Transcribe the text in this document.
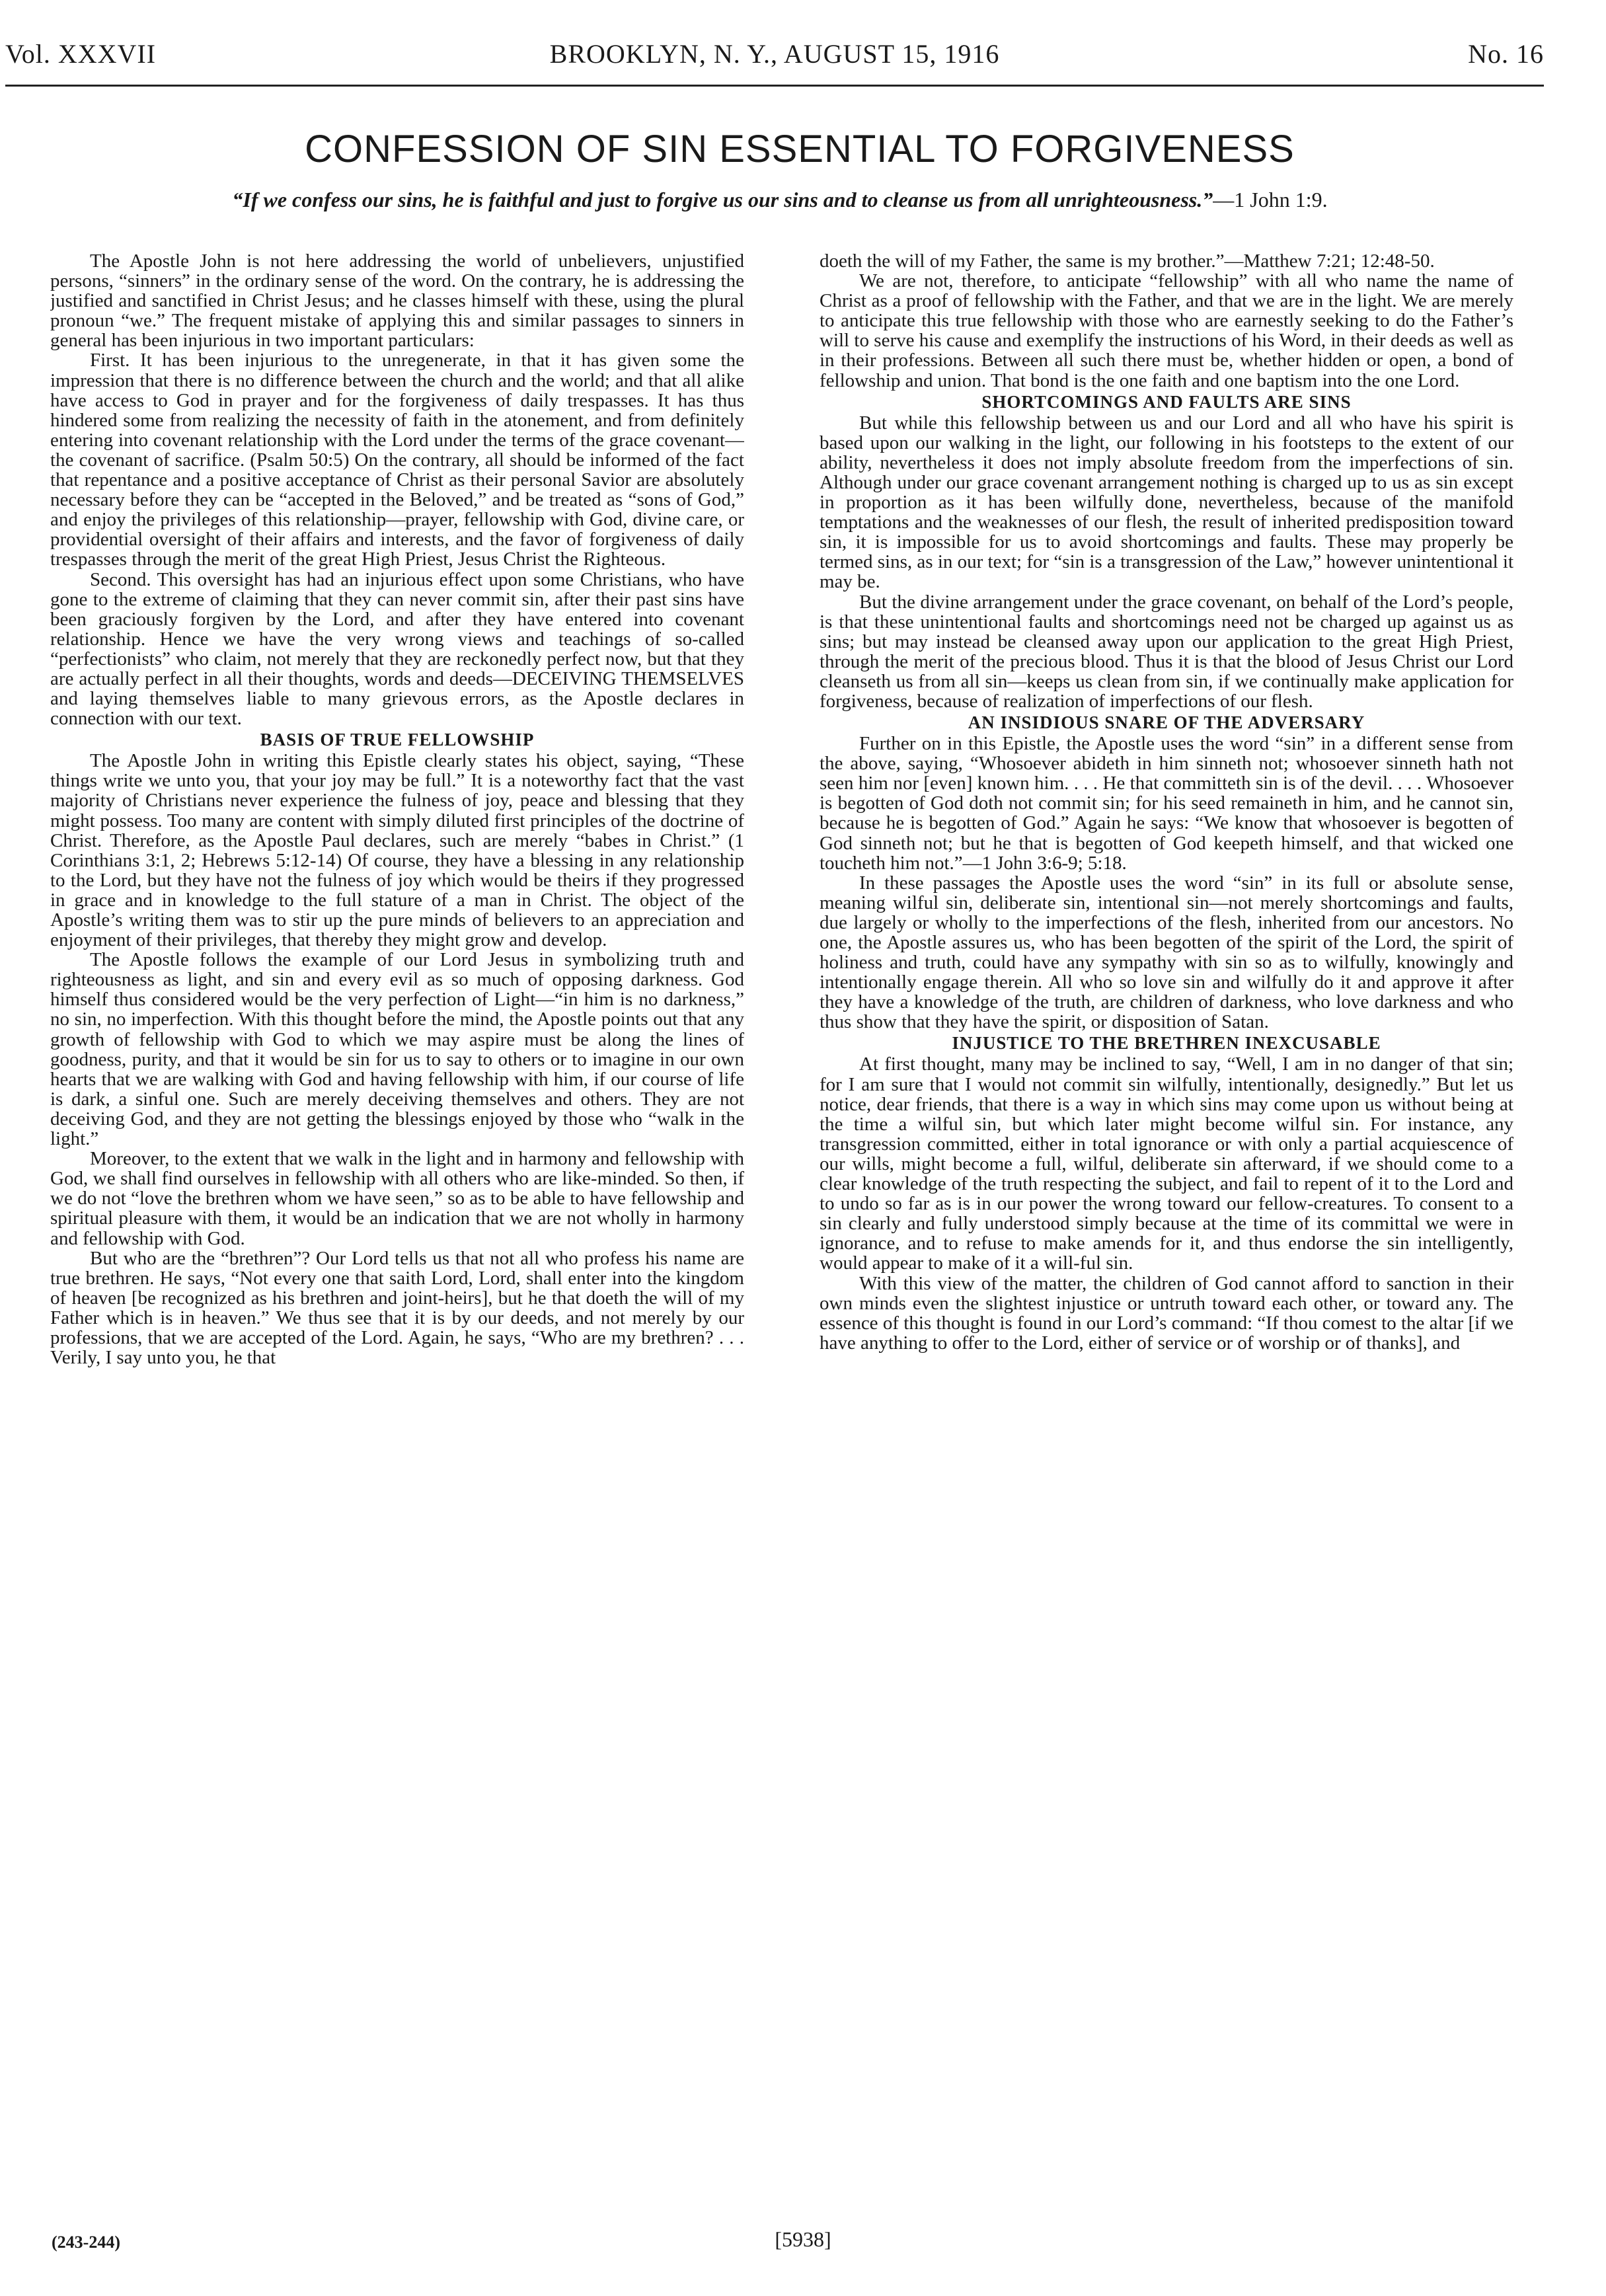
Vol. XXXVII	BROOKLYN, N. Y., AUGUST 15, 1916	No. 16
CONFESSION OF SIN ESSENTIAL TO FORGIVENESS
“If we confess our sins, he is faithful and just to forgive us our sins and to cleanse us from all unrighteousness.”—1 John 1:9.

The Apostle John is not here addressing the world of unbelievers, unjustified persons, “sinners” in the ordinary sense of the word. On the contrary, he is addressing the justified and sanctified in Christ Jesus; and he classes himself with these, using the plural pronoun “we.” The frequent mistake of applying this and similar passages to sinners in general has been injurious in two important particulars:

First. It has been injurious to the unregenerate, in that it has given some the impression that there is no difference between the church and the world; and that all alike have access to God in prayer and for the forgiveness of daily trespasses. It has thus hindered some from realizing the necessity of faith in the atonement, and from definitely entering into covenant relationship with the Lord under the terms of the grace covenant—the covenant of sacrifice. (Psalm 50:5) On the contrary, all should be informed of the fact that repentance and a positive acceptance of Christ as their personal Savior are absolutely necessary before they can be “accepted in the Beloved,” and be treated as “sons of God,” and enjoy the privileges of this relationship—prayer, fellowship with God, divine care, or providential oversight of their affairs and interests, and the favor of forgiveness of daily trespasses through the merit of the great High Priest, Jesus Christ the Righteous.

Second. This oversight has had an injurious effect upon some Christians, who have gone to the extreme of claiming that they can never commit sin, after their past sins have been graciously forgiven by the Lord, and after they have entered into covenant relationship. Hence we have the very wrong views and teachings of so-called “perfectionists” who claim, not merely that they are reckonedly perfect now, but that they are actually perfect in all their thoughts, words and deeds—DECEIVING THEMSELVES and laying themselves liable to many grievous errors, as the Apostle declares in connection with our text.

BASIS OF TRUE FELLOWSHIP

The Apostle John in writing this Epistle clearly states his object, saying, “These things write we unto you, that your joy may be full.” It is a noteworthy fact that the vast majority of Christians never experience the fulness of joy, peace and blessing that they might possess. Too many are content with simply diluted first principles of the doctrine of Christ. Therefore, as the Apostle Paul declares, such are merely “babes in Christ.” (1 Corinthians 3:1, 2; Hebrews 5:12-14) Of course, they have a blessing in any relationship to the Lord, but they have not the fulness of joy which would be theirs if they progressed in grace and in knowledge to the full stature of a man in Christ. The object of the Apostle’s writing them was to stir up the pure minds of believers to an appreciation and enjoyment of their privileges, that thereby they might grow and develop.

The Apostle follows the example of our Lord Jesus in symbolizing truth and righteousness as light, and sin and every evil as so much of opposing darkness. God himself thus considered would be the very perfection of Light—“in him is no darkness,” no sin, no imperfection. With this thought before the mind, the Apostle points out that any growth of fellowship with God to which we may aspire must be along the lines of goodness, purity, and that it would be sin for us to say to others or to imagine in our own hearts that we are walking with God and having fellowship with him, if our course of life is dark, a sinful one. Such are merely deceiving themselves and others. They are not deceiving God, and they are not getting the blessings enjoyed by those who “walk in the light.”

Moreover, to the extent that we walk in the light and in harmony and fellowship with God, we shall find ourselves in fellowship with all others who are like-minded. So then, if we do not “love the brethren whom we have seen,” so as to be able to have fellowship and spiritual pleasure with them, it would be an indication that we are not wholly in harmony and fellowship with God.

But who are the “brethren”? Our Lord tells us that not all who profess his name are true brethren. He says, “Not every one that saith Lord, Lord, shall enter into the kingdom of heaven [be recognized as his brethren and joint-heirs], but he that doeth the will of my Father which is in heaven.” We thus see that it is by our deeds, and not merely by our professions, that we are accepted of the Lord. Again, he says, “Who are my brethren? . . . Verily, I say unto you, he that

doeth the will of my Father, the same is my brother.”—Matthew 7:21; 12:48-50.

We are not, therefore, to anticipate “fellowship” with all who name the name of Christ as a proof of fellowship with the Father, and that we are in the light. We are merely to anticipate this true fellowship with those who are earnestly seeking to do the Father’s will to serve his cause and exemplify the instructions of his Word, in their deeds as well as in their professions. Between all such there must be, whether hidden or open, a bond of fellowship and union. That bond is the one faith and one baptism into the one Lord.

SHORTCOMINGS AND FAULTS ARE SINS

But while this fellowship between us and our Lord and all who have his spirit is based upon our walking in the light, our following in his footsteps to the extent of our ability, nevertheless it does not imply absolute freedom from the imperfections of sin. Although under our grace covenant arrangement nothing is charged up to us as sin except in proportion as it has been wilfully done, nevertheless, because of the manifold temptations and the weaknesses of our flesh, the result of inherited predisposition toward sin, it is impossible for us to avoid shortcomings and faults. These may properly be termed sins, as in our text; for “sin is a transgression of the Law,” however unintentional it may be.

But the divine arrangement under the grace covenant, on behalf of the Lord’s people, is that these unintentional faults and shortcomings need not be charged up against us as sins; but may instead be cleansed away upon our application to the great High Priest, through the merit of the precious blood. Thus it is that the blood of Jesus Christ our Lord cleanseth us from all sin—keeps us clean from sin, if we continually make application for forgiveness, because of realization of imperfections of our flesh.

AN INSIDIOUS SNARE OF THE ADVERSARY

Further on in this Epistle, the Apostle uses the word “sin” in a different sense from the above, saying, “Whosoever abideth in him sinneth not; whosoever sinneth hath not seen him nor [even] known him. . . . He that committeth sin is of the devil. . . . Whosoever is begotten of God doth not commit sin; for his seed remaineth in him, and he cannot sin, because he is begotten of God.” Again he says: “We know that whosoever is begotten of God sinneth not; but he that is begotten of God keepeth himself, and that wicked one toucheth him not.”—1 John 3:6-9; 5:18.

In these passages the Apostle uses the word “sin” in its full or absolute sense, meaning wilful sin, deliberate sin, intentional sin—not merely shortcomings and faults, due largely or wholly to the imperfections of the flesh, inherited from our ancestors. No one, the Apostle assures us, who has been begotten of the spirit of the Lord, the spirit of holiness and truth, could have any sympathy with sin so as to wilfully, knowingly and intentionally engage therein. All who so love sin and wilfully do it and approve it after they have a knowledge of the truth, are children of darkness, who love darkness and who thus show that they have the spirit, or disposition of Satan.

INJUSTICE TO THE BRETHREN INEXCUSABLE

At first thought, many may be inclined to say, “Well, I am in no danger of that sin; for I am sure that I would not commit sin wilfully, intentionally, designedly.” But let us notice, dear friends, that there is a way in which sins may come upon us without being at the time a wilful sin, but which later might become wilful sin. For instance, any transgression committed, either in total ignorance or with only a partial acquiescence of our wills, might become a full, wilful, deliberate sin afterward, if we should come to a clear knowledge of the truth respecting the subject, and fail to repent of it to the Lord and to undo so far as is in our power the wrong toward our fellow-creatures. To consent to a sin clearly and fully understood simply because at the time of its committal we were in ignorance, and to refuse to make amends for it, and thus endorse the sin intelligently, would appear to make of it a will-ful sin.

With this view of the matter, the children of God cannot afford to sanction in their own minds even the slightest injustice or untruth toward each other, or toward any. The essence of this thought is found in our Lord’s command: “If thou comest to the altar [if we have anything to offer to the Lord, either of service or of worship or of thanks], and

(243-244)	[5938]
